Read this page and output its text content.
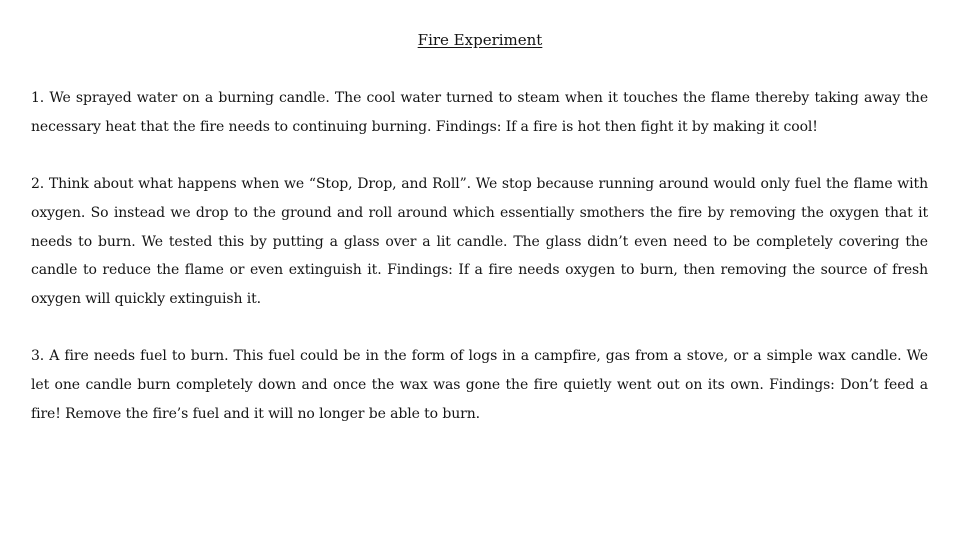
Fire Experiment

1. We sprayed water on a burning candle. The cool water turned to steam when it touches the flame thereby taking away the necessary heat that the fire needs to continuing burning. Findings: If a fire is hot then fight it by making it cool!

2. Think about what happens when we “Stop, Drop, and Roll”. We stop because running around would only fuel the flame with oxygen. So instead we drop to the ground and roll around which essentially smothers the fire by removing the oxygen that it needs to burn. We tested this by putting a glass over a lit candle. The glass didn’t even need to be completely covering the candle to reduce the flame or even extinguish it. Findings: If a fire needs oxygen to burn, then removing the source of fresh oxygen will quickly extinguish it.

3. A fire needs fuel to burn. This fuel could be in the form of logs in a campfire, gas from a stove, or a simple wax candle. We let one candle burn completely down and once the wax was gone the fire quietly went out on its own. Findings: Don’t feed a fire! Remove the fire’s fuel and it will no longer be able to burn.
